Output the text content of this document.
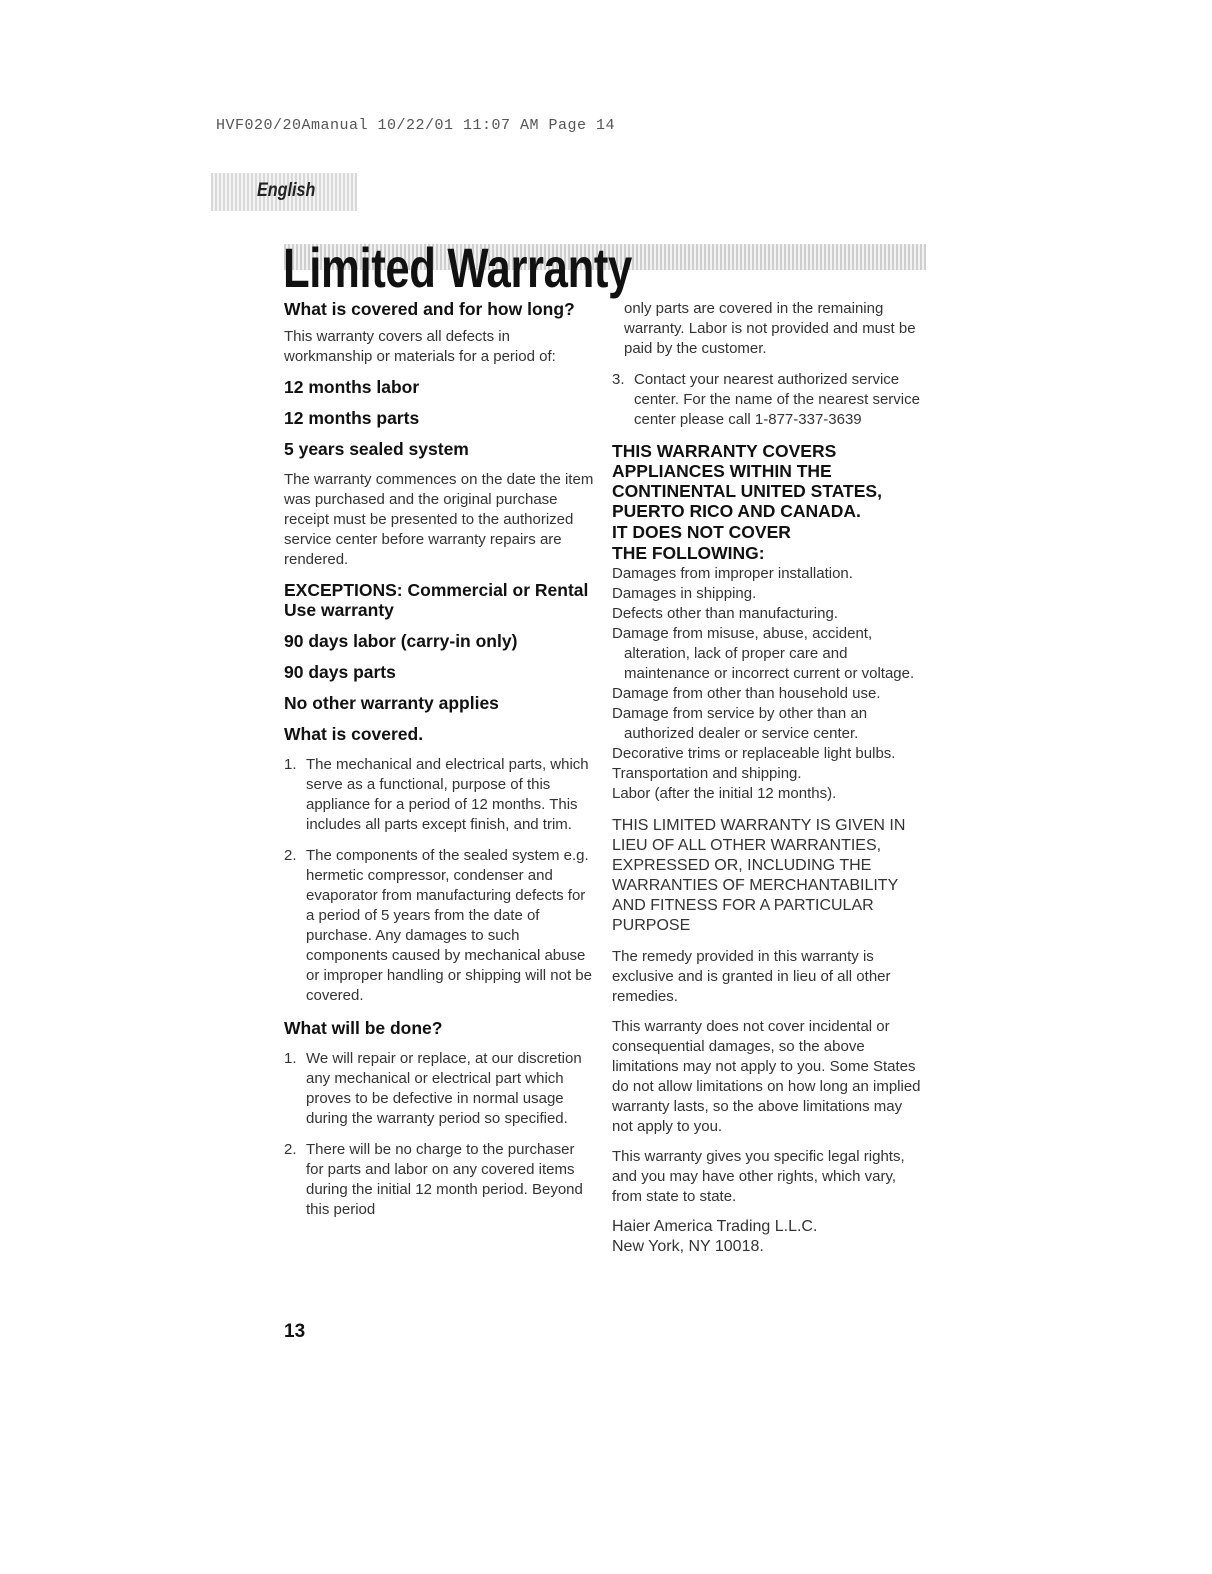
HVF020/20Amanual 10/22/01 11:07 AM Page 14
English
Limited Warranty
What is covered and for how long?
This warranty covers all defects in workmanship or materials for a period of:
12 months labor
12 months parts
5 years sealed system
The warranty commences on the date the item was purchased and the original purchase receipt must be presented to the authorized service center before warranty repairs are rendered.
EXCEPTIONS: Commercial or Rental Use warranty
90 days labor (carry-in only)
90 days parts
No other warranty applies
What is covered.
1. The mechanical and electrical parts, which serve as a functional, purpose of this appliance for a period of 12 months. This includes all parts except finish, and trim.
2. The components of the sealed system e.g. hermetic compressor, condenser and evaporator from manufacturing defects for a period of 5 years from the date of purchase. Any damages to such components caused by mechanical abuse or improper handling or shipping will not be covered.
What will be done?
1. We will repair or replace, at our discretion any mechanical or electrical part which proves to be defective in normal usage during the warranty period so specified.
2. There will be no charge to the purchaser for parts and labor on any covered items during the initial 12 month period. Beyond this period
only parts are covered in the remaining warranty. Labor is not provided and must be paid by the customer.
3. Contact your nearest authorized service center. For the name of the nearest service center please call 1-877-337-3639
THIS WARRANTY COVERS APPLIANCES WITHIN THE CONTINENTAL UNITED STATES, PUERTO RICO AND CANADA.
IT DOES NOT COVER
THE FOLLOWING:
Damages from improper installation.
Damages in shipping.
Defects other than manufacturing.
Damage from misuse, abuse, accident, alteration, lack of proper care and maintenance or incorrect current or voltage.
Damage from other than household use.
Damage from service by other than an authorized dealer or service center.
Decorative trims or replaceable light bulbs.
Transportation and shipping.
Labor (after the initial 12 months).
THIS LIMITED WARRANTY IS GIVEN IN LIEU OF ALL OTHER WARRANTIES, EXPRESSED OR, INCLUDING THE WARRANTIES OF MERCHANTABILITY AND FITNESS FOR A PARTICULAR PURPOSE
The remedy provided in this warranty is exclusive and is granted in lieu of all other remedies.
This warranty does not cover incidental or consequential damages, so the above limitations may not apply to you. Some States do not allow limitations on how long an implied warranty lasts, so the above limitations may not apply to you.
This warranty gives you specific legal rights, and you may have other rights, which vary, from state to state.
Haier America Trading L.L.C.
New York, NY 10018.
13
